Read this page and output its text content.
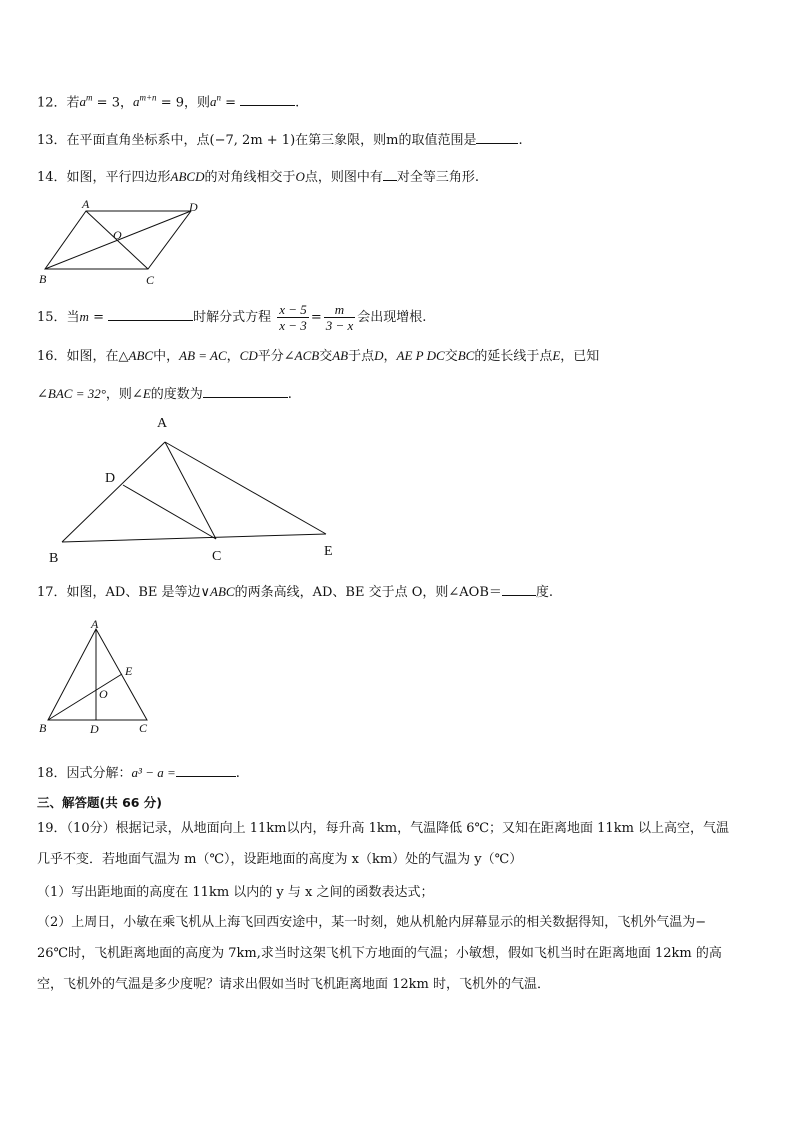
12．若$a^m = 3$，$a^{m+n} = 9$，则$a^n$ =	.
13．在平面直角坐标系中，点(−7, 2m + 1)在第三象限，则m的取值范围是	.
14．如图，平行四边形ABCD的对角线相交于O点，则图中有 对全等三角形.
A	D
O
B	C
15．当m =	时解分式方程 $\frac{x - 5}{x - 3} = \frac{m}{3 - x}$ 会出现增根.
16．如图，在△ABC中，AB = AC，CD平分∠ACB交AB于点D，AE P DC交BC的延长线于点E，已知
∠BAC = 32°，则∠E的度数为	.
A
D
B	C	E
17．如图，AD、BE 是等边∨ABC的两条高线，AD、BE 交于点 O，则∠AOB＝	度.
A
E
O
B	D	C
18．因式分解：a³ − a =	.
三、解答题(共 66 分)
19．（10分）根据记录，从地面向上 11km以内，每升高 1km，气温降低 6℃；又知在距离地面 11km 以上高空，气温
几乎不变．若地面气温为 m（℃），设距地面的高度为 x（km）处的气温为 y（℃）
（1）写出距地面的高度在 11km 以内的 y 与 x 之间的函数表达式；
（2）上周日，小敏在乘飞机从上海飞回西安途中，某一时刻，她从机舱内屏幕显示的相关数据得知，飞机外气温为−
26℃时，飞机距离地面的高度为 7km,求当时这架飞机下方地面的气温；小敏想，假如飞机当时在距离地面 12km 的高
空，飞机外的气温是多少度呢？请求出假如当时飞机距离地面 12km 时，飞机外的气温．
